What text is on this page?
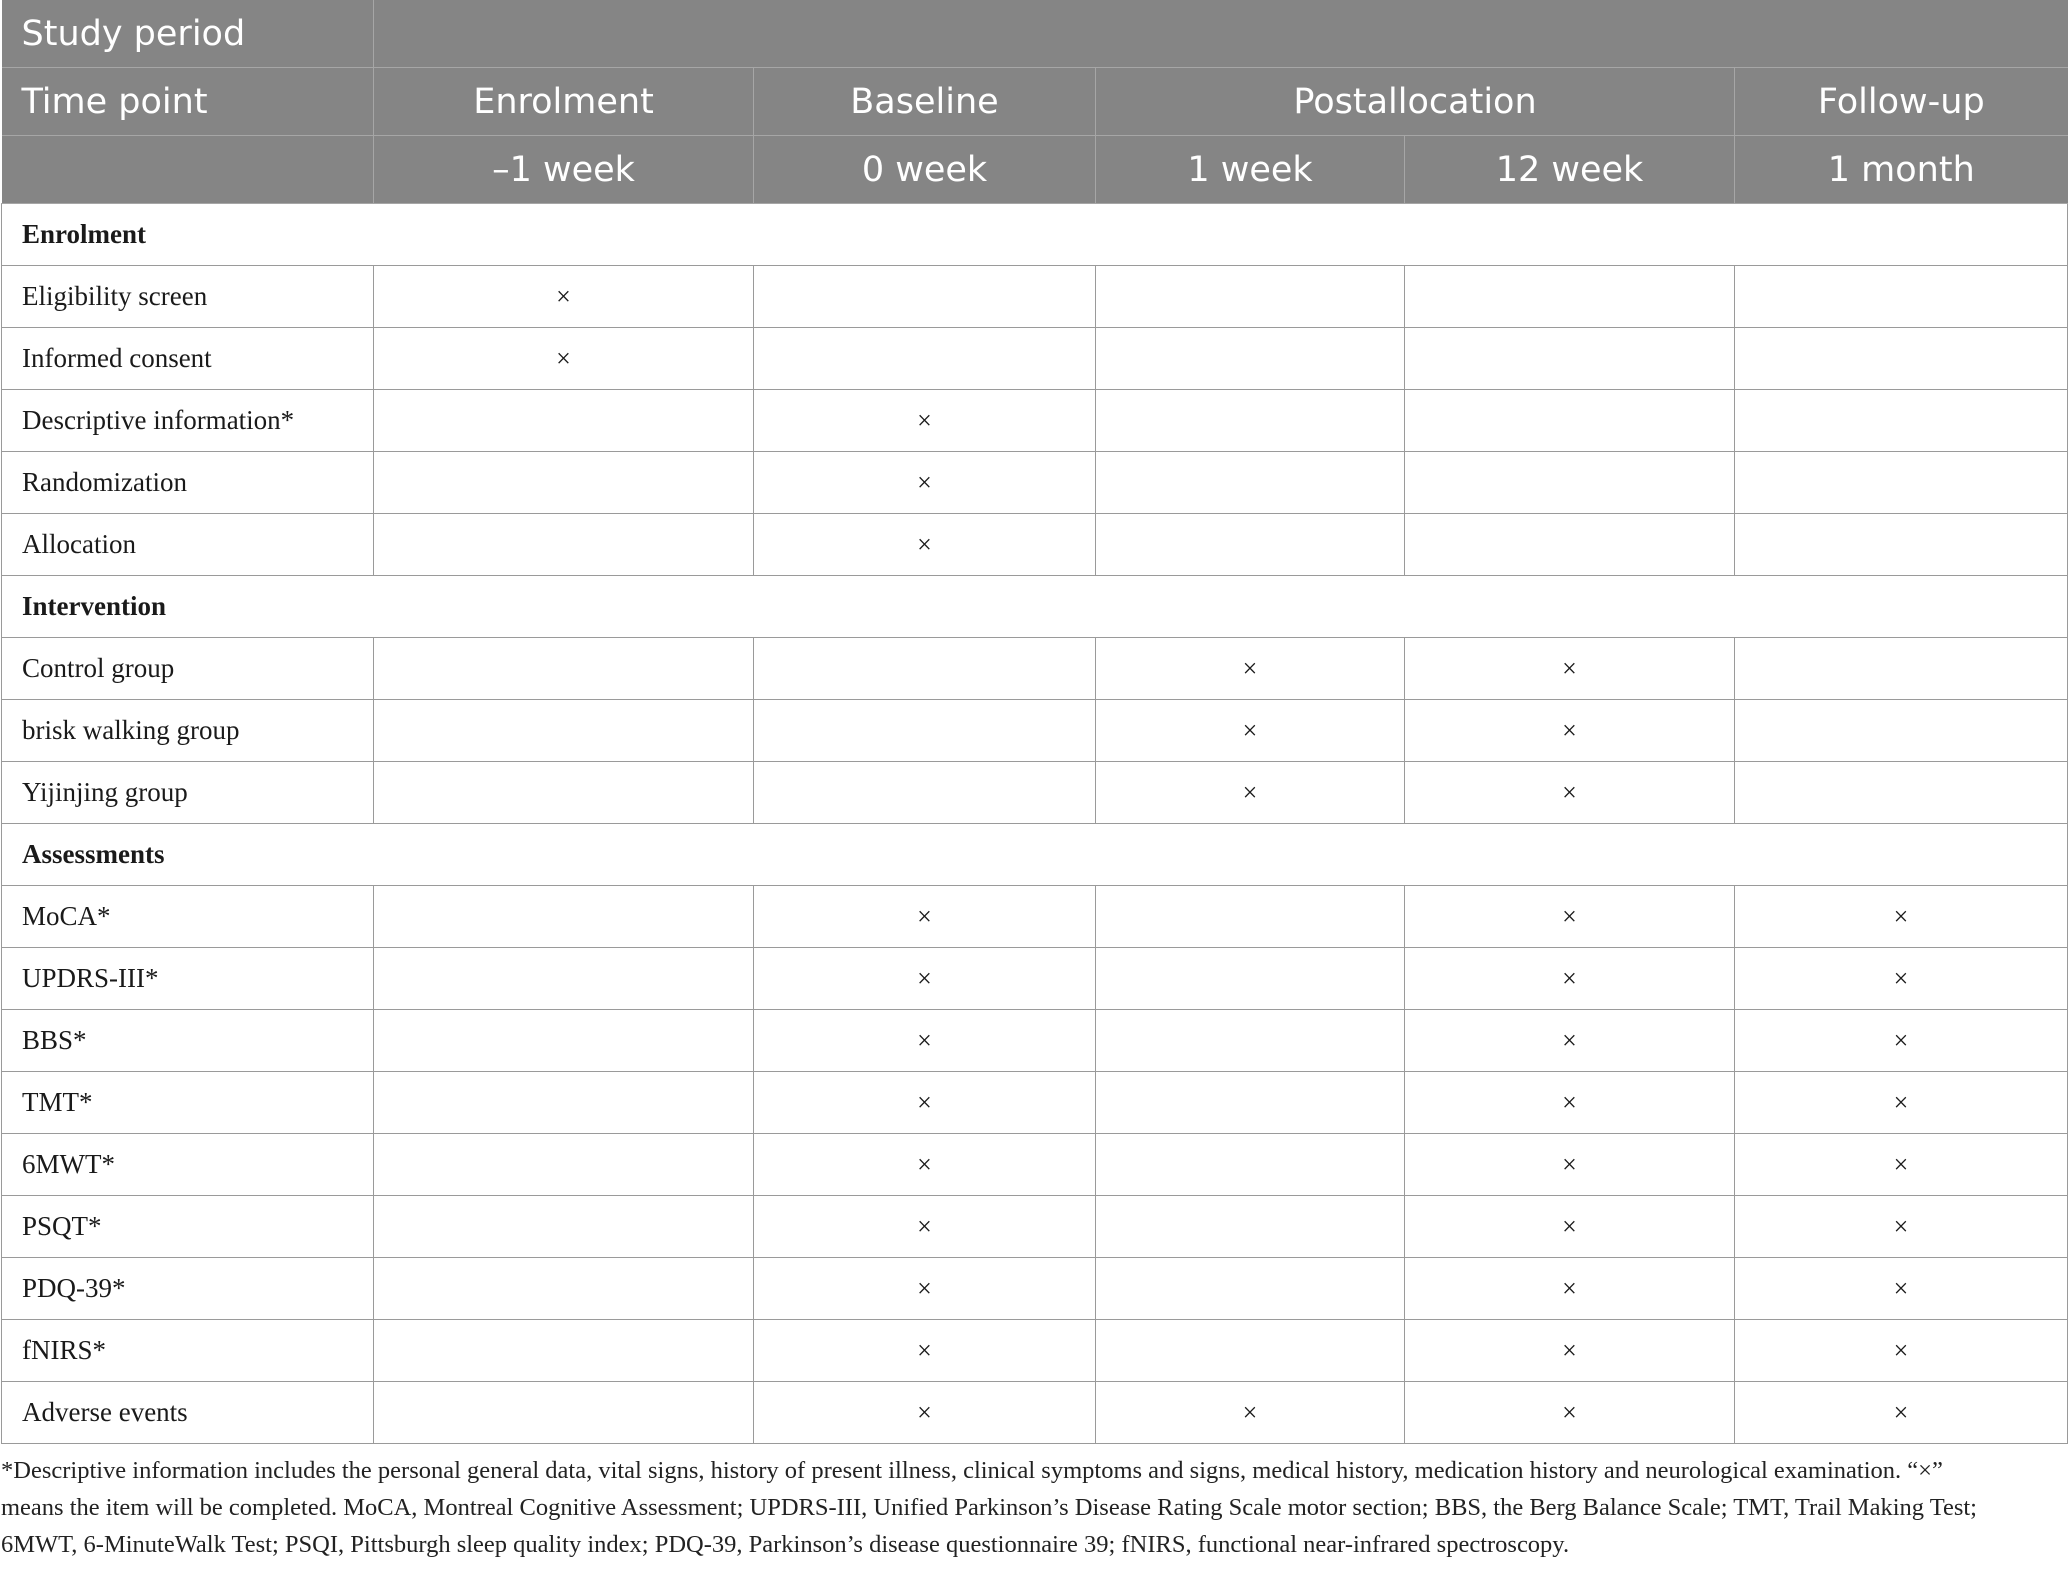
Study period					
Time point	Enrolment	Baseline	Postallocation		Follow-up
	–1 week	0 week	1 week	12 week	1 month
Enrolment					
Eligibility screen	×				
Informed consent	×				
Descriptive information*		×			
Randomization		×			
Allocation		×			
Intervention					
Control group			×	×	
brisk walking group			×	×	
Yijinjing group			×	×	
Assessments					
MoCA*		×		×	×
UPDRS-III*		×		×	×
BBS*		×		×	×
TMT*		×		×	×
6MWT*		×		×	×
PSQT*		×		×	×
PDQ-39*		×		×	×
fNIRS*		×		×	×
Adverse events		×	×	×	×
*Descriptive information includes the personal general data, vital signs, history of present illness, clinical symptoms and signs, medical history, medication history and neurological examination. “×” means the item will be completed. MoCA, Montreal Cognitive Assessment; UPDRS-III, Unified Parkinson’s Disease Rating Scale motor section; BBS, the Berg Balance Scale; TMT, Trail Making Test; 6MWT, 6-MinuteWalk Test; PSQI, Pittsburgh sleep quality index; PDQ-39, Parkinson’s disease questionnaire 39; fNIRS, functional near-infrared spectroscopy.
